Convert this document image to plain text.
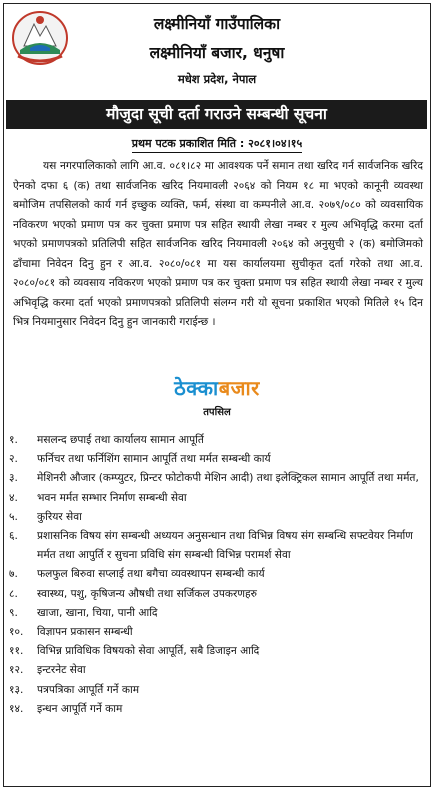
लक्ष्मीनियाँ गाउँपालिका
लक्ष्मीनियाँ बजार, धनुषा
मधेश प्रदेश, नेपाल
मौजुदा सूची दर्ता गराउने सम्बन्धी सूचना
प्रथम पटक प्रकाशित मिति : २०८१।०४।१५
यस नगरपालिकाको लागि आ.व. ०८१।८२ मा आवश्यक पर्ने समान तथा खरिद गर्न सार्वजनिक खरिद ऐनको दफा ६ (क) तथा सार्वजनिक खरिद नियमावली २०६४ को नियम १८ मा भएको कानूनी व्यवस्था बमोजिम तपसिलको कार्य गर्न इच्छुक व्यक्ति, फर्म, संस्था वा कम्पनीले आ.व. २०७९/०८० को व्यवसायिक नविकरण भएको प्रमाण पत्र कर चुक्ता प्रमाण पत्र सहित स्थायी लेखा नम्बर र मुल्य अभिवृद्धि करमा दर्ता भएको प्रमाणपत्रको प्रतिलिपी सहित सार्वजनिक खरिद नियमावली २०६४ को अनुसुची २ (क) बमोजिमको ढाँचामा निवेदन दिनु हुन र आ.व. २०८०/०८१ मा यस कार्यालयमा सुचीकृत दर्ता गरेको तथा आ.व. २०८०/०८१ को व्यवसाय नविकरण भएको प्रमाण पत्र कर चुक्ता प्रमाण पत्र सहित स्थायी लेखा नम्बर र मुल्य अभिवृद्धि करमा दर्ता भएको प्रमाणपत्रको प्रतिलिपी संलग्न गरी यो सूचना प्रकाशित भएको मितिले १५ दिन भित्र नियमानुसार निवेदन दिनु हुन जानकारी गराईन्छ ।
ठेक्काबजार
तपसिल
१.	मसलन्द छपाई तथा कार्यालय सामान आपूर्ति
२.	फर्निचर तथा फर्निशिंग सामान आपूर्ति तथा मर्मत सम्बन्धी कार्य
३.	मेशिनरी औजार (कम्प्युटर, प्रिन्टर फोटोकपी मेशिन आदी) तथा इलेक्ट्रिकल सामान आपूर्ति तथा मर्मत,
४.	भवन मर्मत सम्भार निर्माण सम्बन्धी सेवा
५.	कुरियर सेवा
६.	प्रशासनिक विषय संग सम्बन्धी अध्ययन अनुसन्धान तथा विभिन्न विषय संग सम्बन्धि सफ्टवेयर निर्माण मर्मत तथा आपुर्ति र सुचना प्रविधि संग सम्बन्धी विभिन्न परामर्श सेवा
७.	फलफुल बिरुवा सप्लाई तथा बगैचा व्यवस्थापन सम्बन्धी कार्य
८.	स्वास्थ्य, पशु, कृषिजन्य औषधी तथा सर्जिकल उपकरणहरु
९.	खाजा, खाना, चिया, पानी आदि
१०.	विज्ञापन प्रकासन सम्बन्धी
११.	विभिन्न प्राविधिक विषयको सेवा आपूर्ति, सबै डिजाइन आदि
१२.	इन्टरनेट सेवा
१३.	पत्रपत्रिका आपूर्ति गर्ने काम
१४.	इन्धन आपूर्ति गर्ने काम
